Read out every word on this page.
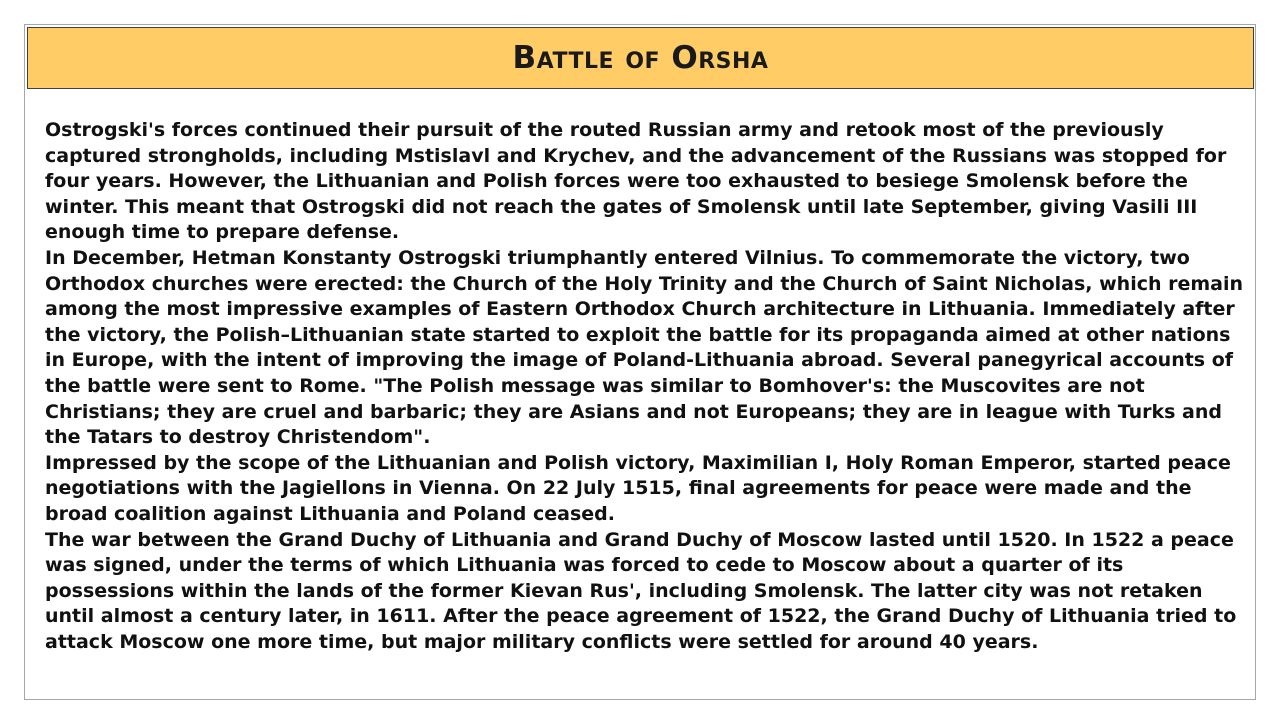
Battle of Orsha

Ostrogski's forces continued their pursuit of the routed Russian army and retook most of the previously captured strongholds, including Mstislavl and Krychev, and the advancement of the Russians was stopped for four years. However, the Lithuanian and Polish forces were too exhausted to besiege Smolensk before the winter. This meant that Ostrogski did not reach the gates of Smolensk until late September, giving Vasili III enough time to prepare defense.

In December, Hetman Konstanty Ostrogski triumphantly entered Vilnius. To commemorate the victory, two Orthodox churches were erected: the Church of the Holy Trinity and the Church of Saint Nicholas, which remain among the most impressive examples of Eastern Orthodox Church architecture in Lithuania. Immediately after the victory, the Polish–Lithuanian state started to exploit the battle for its propaganda aimed at other nations in Europe, with the intent of improving the image of Poland-Lithuania abroad. Several panegyrical accounts of the battle were sent to Rome. "The Polish message was similar to Bomhover's: the Muscovites are not Christians; they are cruel and barbaric; they are Asians and not Europeans; they are in league with Turks and the Tatars to destroy Christendom".

Impressed by the scope of the Lithuanian and Polish victory, Maximilian I, Holy Roman Emperor, started peace negotiations with the Jagiellons in Vienna. On 22 July 1515, final agreements for peace were made and the broad coalition against Lithuania and Poland ceased.

The war between the Grand Duchy of Lithuania and Grand Duchy of Moscow lasted until 1520. In 1522 a peace was signed, under the terms of which Lithuania was forced to cede to Moscow about a quarter of its possessions within the lands of the former Kievan Rus', including Smolensk. The latter city was not retaken until almost a century later, in 1611. After the peace agreement of 1522, the Grand Duchy of Lithuania tried to attack Moscow one more time, but major military conflicts were settled for around 40 years.
